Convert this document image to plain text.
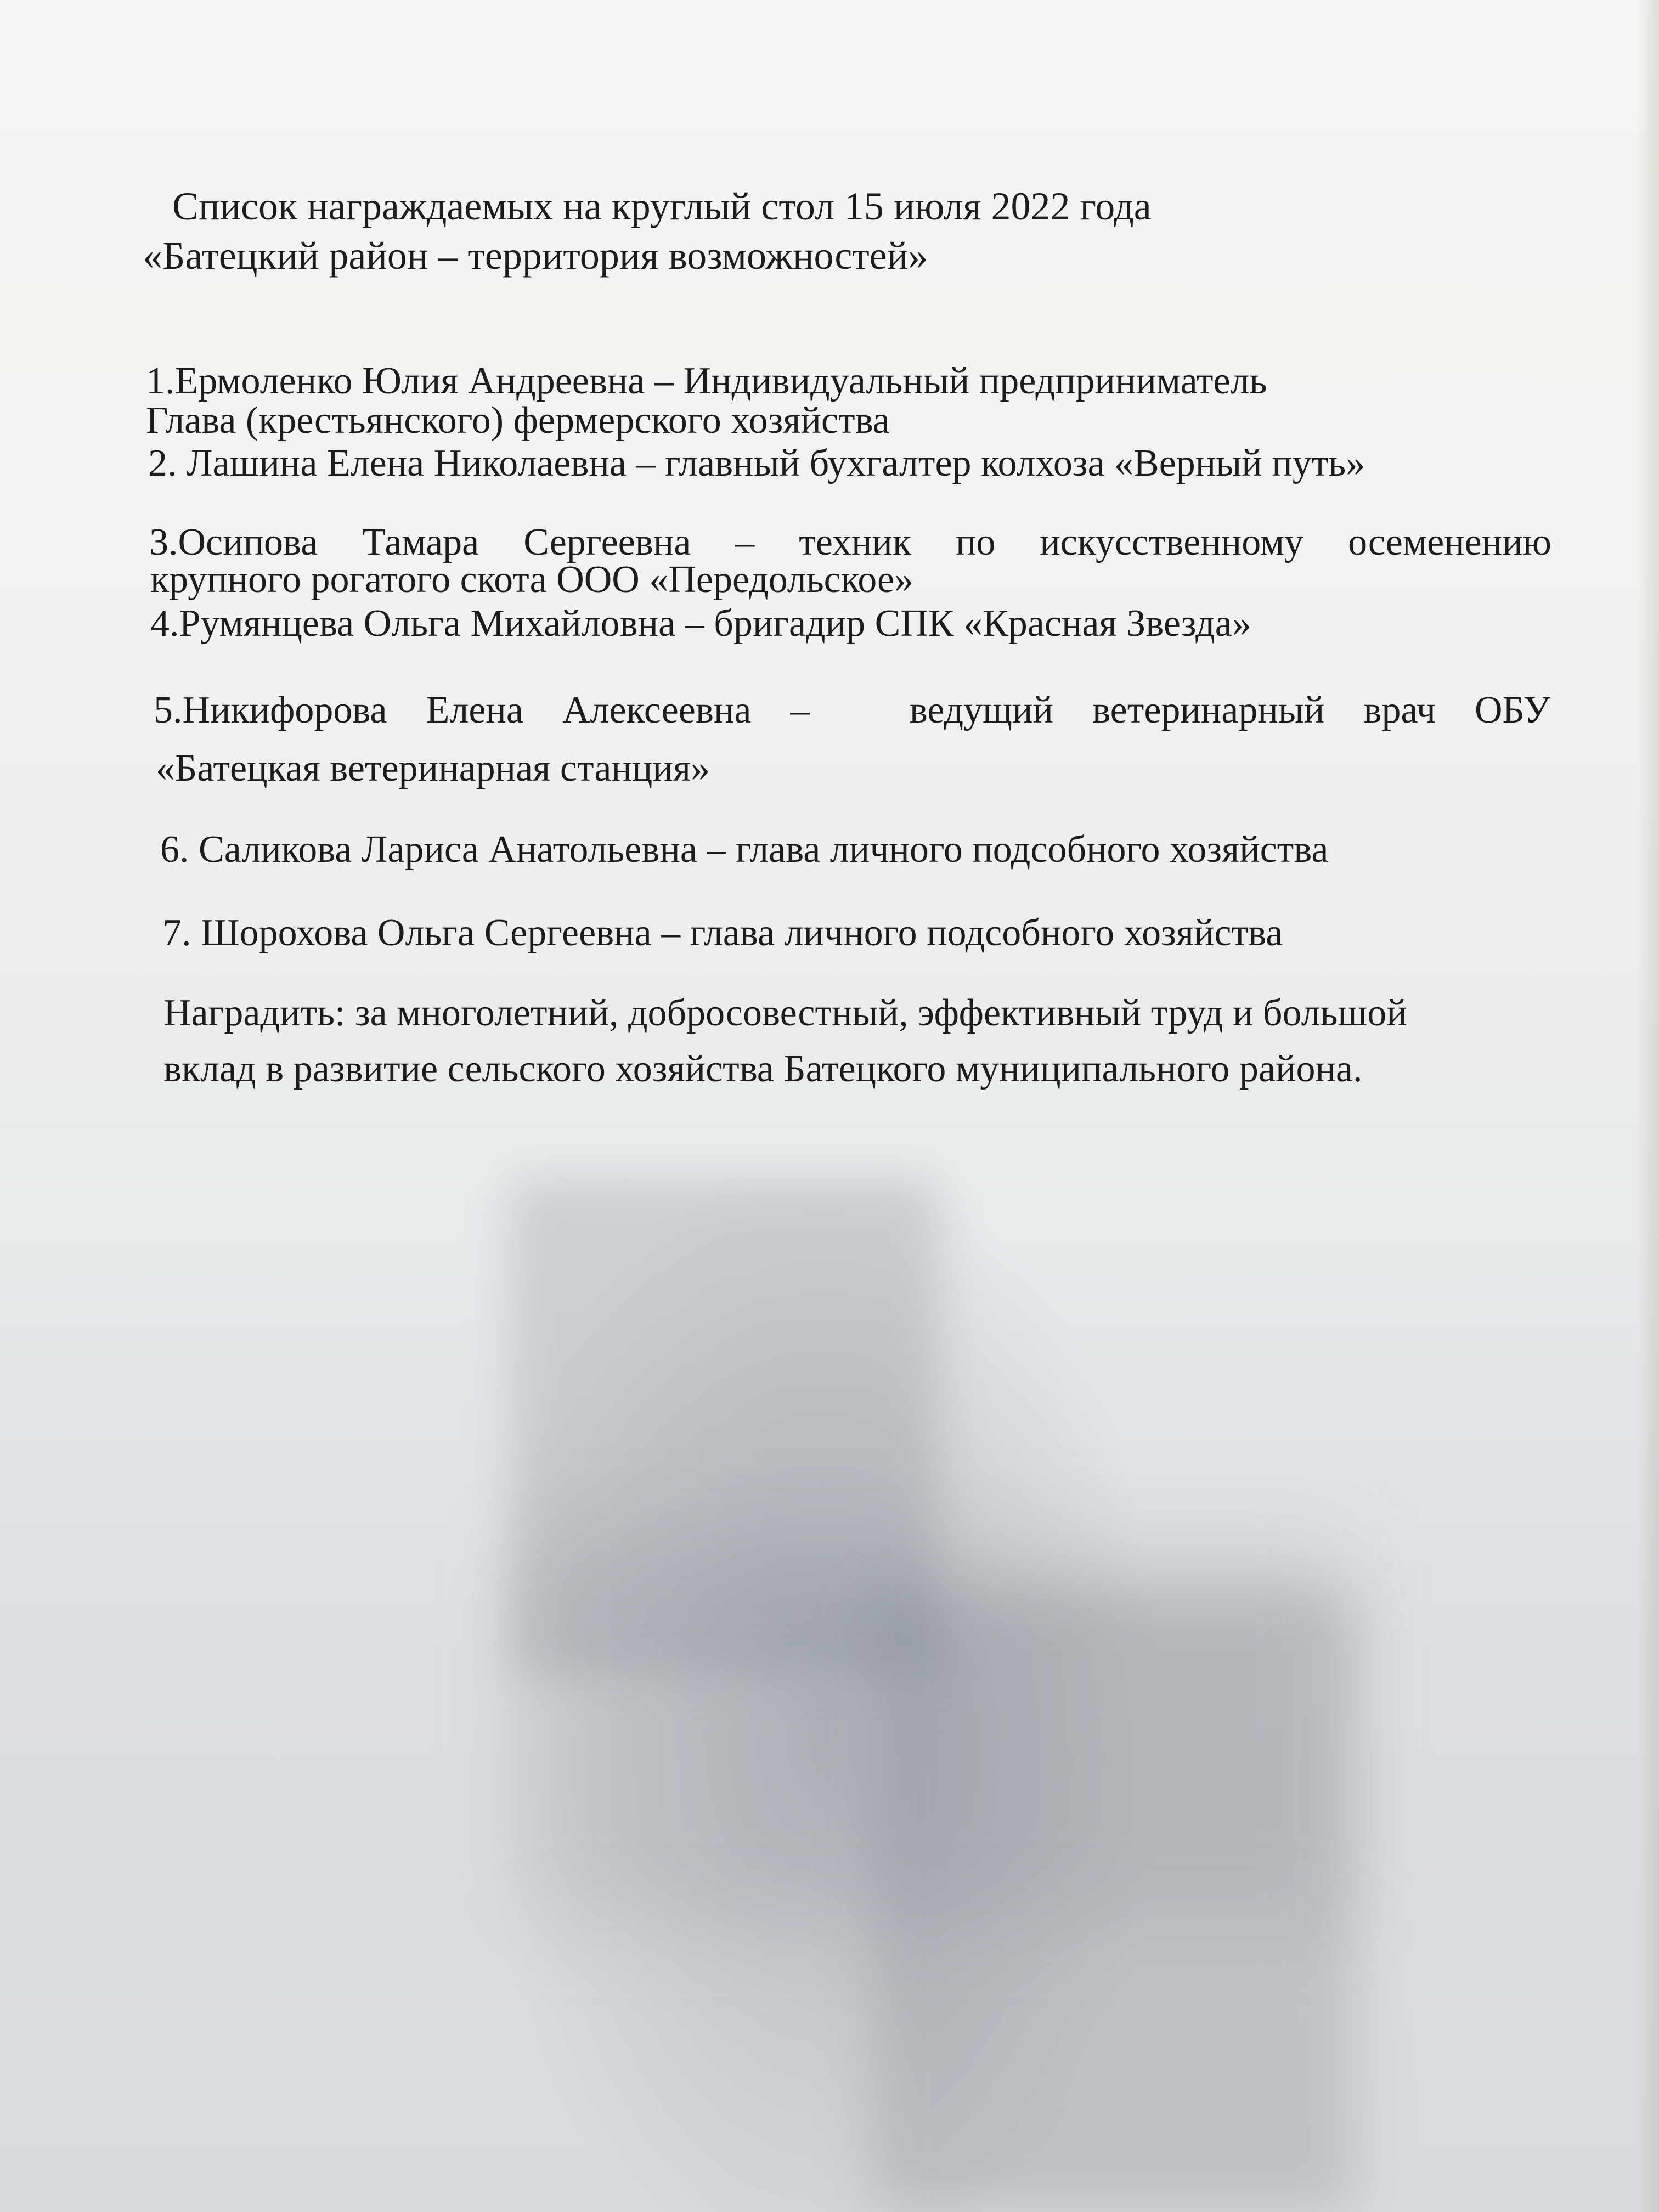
Список награждаемых на круглый стол 15 июля 2022 года
«Батецкий район – территория возможностей»
1.Ермоленко Юлия Андреевна – Индивидуальный предприниматель
Глава (крестьянского) фермерского хозяйства
2. Лашина Елена Николаевна – главный бухгалтер колхоза «Верный путь»
3.Осипова Тамара Сергеевна – техник по искусственному осеменению
крупного рогатого скота ООО «Передольское»
4.Румянцева Ольга Михайловна – бригадир СПК «Красная Звезда»
5.Никифорова Елена Алексеевна –	ведущий ветеринарный врач ОБУ
«Батецкая ветеринарная станция»
6. Саликова Лариса Анатольевна – глава личного подсобного хозяйства
7. Шорохова Ольга Сергеевна – глава личного подсобного хозяйства
Наградить: за многолетний, добросовестный, эффективный труд и большой
вклад в развитие сельского хозяйства Батецкого муниципального района.
